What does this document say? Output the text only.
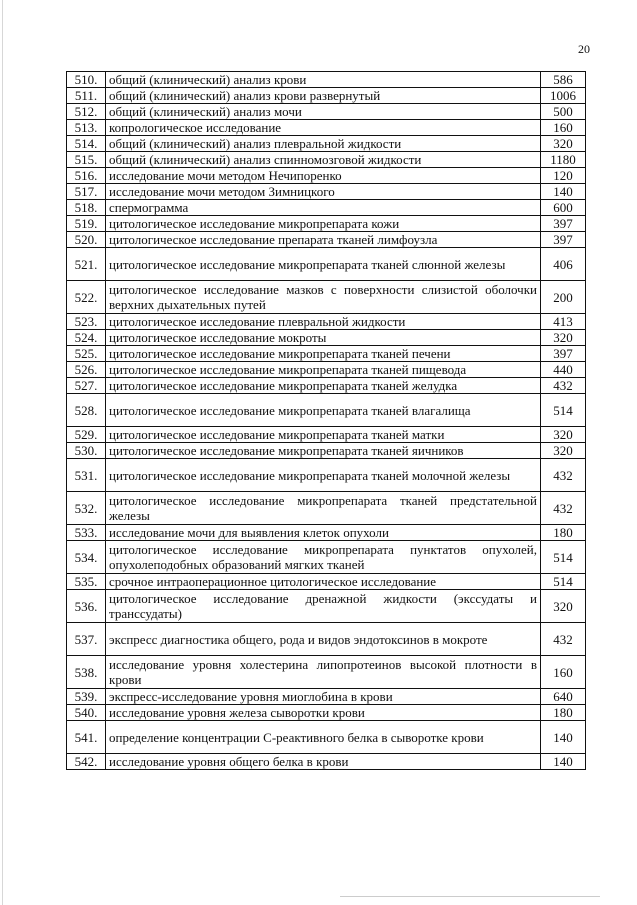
20
510.	общий (клинический) анализ крови	586
511.	общий (клинический) анализ крови развернутый	1006
512.	общий (клинический) анализ мочи	500
513.	копрологическое исследование	160
514.	общий (клинический) анализ плевральной жидкости	320
515.	общий (клинический) анализ спинномозговой жидкости	1180
516.	исследование мочи методом Нечипоренко	120
517.	исследование мочи методом Зимницкого	140
518.	спермограмма	600
519.	цитологическое исследование микропрепарата кожи	397
520.	цитологическое исследование препарата тканей лимфоузла	397
521.	цитологическое исследование микропрепарата тканей слюнной железы	406
522.	цитологическое исследование мазков с поверхности слизистой оболочки верхних дыхательных путей	200
523.	цитологическое исследование плевральной жидкости	413
524.	цитологическое исследование мокроты	320
525.	цитологическое исследование микропрепарата тканей печени	397
526.	цитологическое исследование микропрепарата тканей пищевода	440
527.	цитологическое исследование микропрепарата тканей желудка	432
528.	цитологическое исследование микропрепарата тканей влагалища	514
529.	цитологическое исследование микропрепарата тканей матки	320
530.	цитологическое исследование микропрепарата тканей яичников	320
531.	цитологическое исследование микропрепарата тканей молочной железы	432
532.	цитологическое исследование микропрепарата тканей предстательной железы	432
533.	исследование мочи для выявления клеток опухоли	180
534.	цитологическое исследование микропрепарата пунктатов опухолей, опухолеподобных образований мягких тканей	514
535.	срочное интраоперационное цитологическое исследование	514
536.	цитологическое исследование дренажной жидкости (экссудаты и транссудаты)	320
537.	экспресс диагностика общего, рода и видов эндотоксинов в мокроте	432
538.	исследование уровня холестерина липопротеинов высокой плотности в крови	160
539.	экспресс-исследование уровня миоглобина в крови	640
540.	исследование уровня железа сыворотки крови	180
541.	определение концентрации C-реактивного белка в сыворотке крови	140
542.	исследование уровня общего белка в крови	140
